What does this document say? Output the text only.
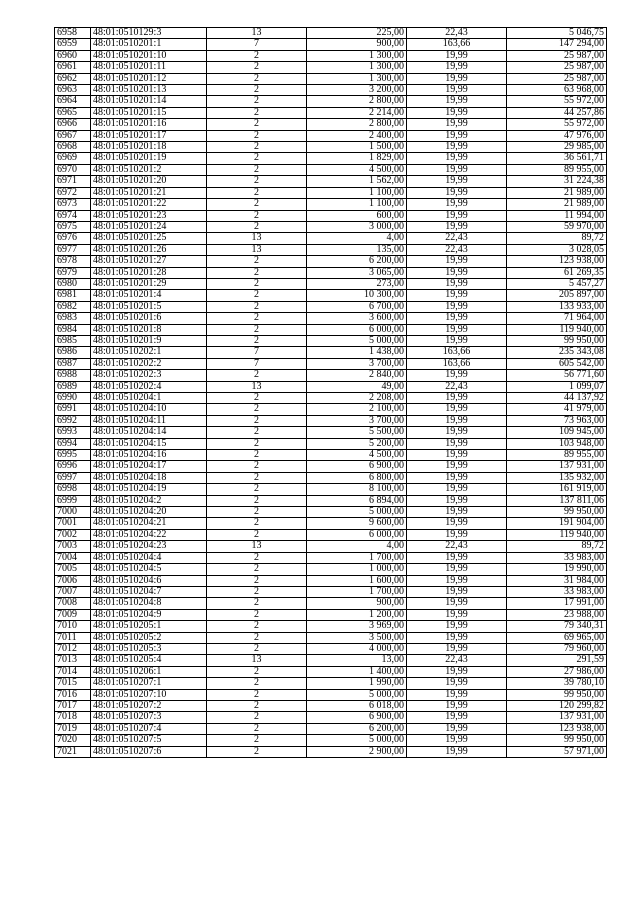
6958	48:01:0510129:3	13	225,00	22,43	5 046,75
6959	48:01:0510201:1	7	900,00	163,66	147 294,00
6960	48:01:0510201:10	2	1 300,00	19,99	25 987,00
6961	48:01:0510201:11	2	1 300,00	19,99	25 987,00
6962	48:01:0510201:12	2	1 300,00	19,99	25 987,00
6963	48:01:0510201:13	2	3 200,00	19,99	63 968,00
6964	48:01:0510201:14	2	2 800,00	19,99	55 972,00
6965	48:01:0510201:15	2	2 214,00	19,99	44 257,86
6966	48:01:0510201:16	2	2 800,00	19,99	55 972,00
6967	48:01:0510201:17	2	2 400,00	19,99	47 976,00
6968	48:01:0510201:18	2	1 500,00	19,99	29 985,00
6969	48:01:0510201:19	2	1 829,00	19,99	36 561,71
6970	48:01:0510201:2	2	4 500,00	19,99	89 955,00
6971	48:01:0510201:20	2	1 562,00	19,99	31 224,38
6972	48:01:0510201:21	2	1 100,00	19,99	21 989,00
6973	48:01:0510201:22	2	1 100,00	19,99	21 989,00
6974	48:01:0510201:23	2	600,00	19,99	11 994,00
6975	48:01:0510201:24	2	3 000,00	19,99	59 970,00
6976	48:01:0510201:25	13	4,00	22,43	89,72
6977	48:01:0510201:26	13	135,00	22,43	3 028,05
6978	48:01:0510201:27	2	6 200,00	19,99	123 938,00
6979	48:01:0510201:28	2	3 065,00	19,99	61 269,35
6980	48:01:0510201:29	2	273,00	19,99	5 457,27
6981	48:01:0510201:4	2	10 300,00	19,99	205 897,00
6982	48:01:0510201:5	2	6 700,00	19,99	133 933,00
6983	48:01:0510201:6	2	3 600,00	19,99	71 964,00
6984	48:01:0510201:8	2	6 000,00	19,99	119 940,00
6985	48:01:0510201:9	2	5 000,00	19,99	99 950,00
6986	48:01:0510202:1	7	1 438,00	163,66	235 343,08
6987	48:01:0510202:2	7	3 700,00	163,66	605 542,00
6988	48:01:0510202:3	2	2 840,00	19,99	56 771,60
6989	48:01:0510202:4	13	49,00	22,43	1 099,07
6990	48:01:0510204:1	2	2 208,00	19,99	44 137,92
6991	48:01:0510204:10	2	2 100,00	19,99	41 979,00
6992	48:01:0510204:11	2	3 700,00	19,99	73 963,00
6993	48:01:0510204:14	2	5 500,00	19,99	109 945,00
6994	48:01:0510204:15	2	5 200,00	19,99	103 948,00
6995	48:01:0510204:16	2	4 500,00	19,99	89 955,00
6996	48:01:0510204:17	2	6 900,00	19,99	137 931,00
6997	48:01:0510204:18	2	6 800,00	19,99	135 932,00
6998	48:01:0510204:19	2	8 100,00	19,99	161 919,00
6999	48:01:0510204:2	2	6 894,00	19,99	137 811,06
7000	48:01:0510204:20	2	5 000,00	19,99	99 950,00
7001	48:01:0510204:21	2	9 600,00	19,99	191 904,00
7002	48:01:0510204:22	2	6 000,00	19,99	119 940,00
7003	48:01:0510204:23	13	4,00	22,43	89,72
7004	48:01:0510204:4	2	1 700,00	19,99	33 983,00
7005	48:01:0510204:5	2	1 000,00	19,99	19 990,00
7006	48:01:0510204:6	2	1 600,00	19,99	31 984,00
7007	48:01:0510204:7	2	1 700,00	19,99	33 983,00
7008	48:01:0510204:8	2	900,00	19,99	17 991,00
7009	48:01:0510204:9	2	1 200,00	19,99	23 988,00
7010	48:01:0510205:1	2	3 969,00	19,99	79 340,31
7011	48:01:0510205:2	2	3 500,00	19,99	69 965,00
7012	48:01:0510205:3	2	4 000,00	19,99	79 960,00
7013	48:01:0510205:4	13	13,00	22,43	291,59
7014	48:01:0510206:1	2	1 400,00	19,99	27 986,00
7015	48:01:0510207:1	2	1 990,00	19,99	39 780,10
7016	48:01:0510207:10	2	5 000,00	19,99	99 950,00
7017	48:01:0510207:2	2	6 018,00	19,99	120 299,82
7018	48:01:0510207:3	2	6 900,00	19,99	137 931,00
7019	48:01:0510207:4	2	6 200,00	19,99	123 938,00
7020	48:01:0510207:5	2	5 000,00	19,99	99 950,00
7021	48:01:0510207:6	2	2 900,00	19,99	57 971,00
